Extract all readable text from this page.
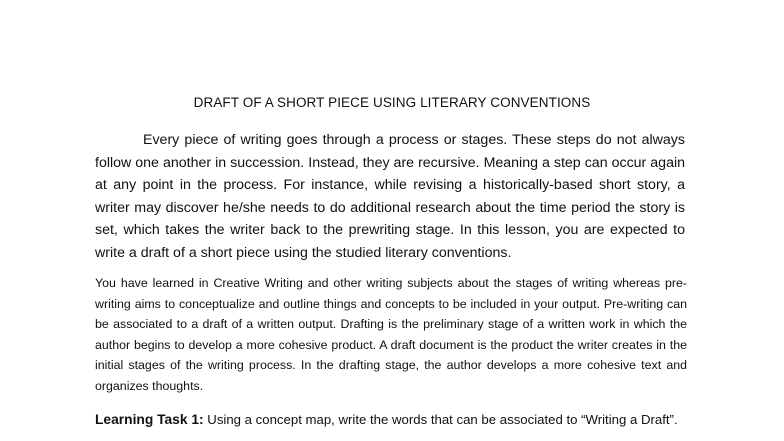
DRAFT OF A SHORT PIECE USING LITERARY CONVENTIONS

Every piece of writing goes through a process or stages. These steps do not always follow one another in succession. Instead, they are recursive. Meaning a step can occur again at any point in the process. For instance, while revising a historically-based short story, a writer may discover he/she needs to do additional research about the time period the story is set, which takes the writer back to the prewriting stage. In this lesson, you are expected to write a draft of a short piece using the studied literary conventions.

You have learned in Creative Writing and other writing subjects about the stages of writing whereas pre-writing aims to conceptualize and outline things and concepts to be included in your output. Pre-writing can be associated to a draft of a written output. Drafting is the preliminary stage of a written work in which the author begins to develop a more cohesive product. A draft document is the product the writer creates in the initial stages of the writing process. In the drafting stage, the author develops a more cohesive text and organizes thoughts.

Learning Task 1: Using a concept map, write the words that can be associated to “Writing a Draft”.
